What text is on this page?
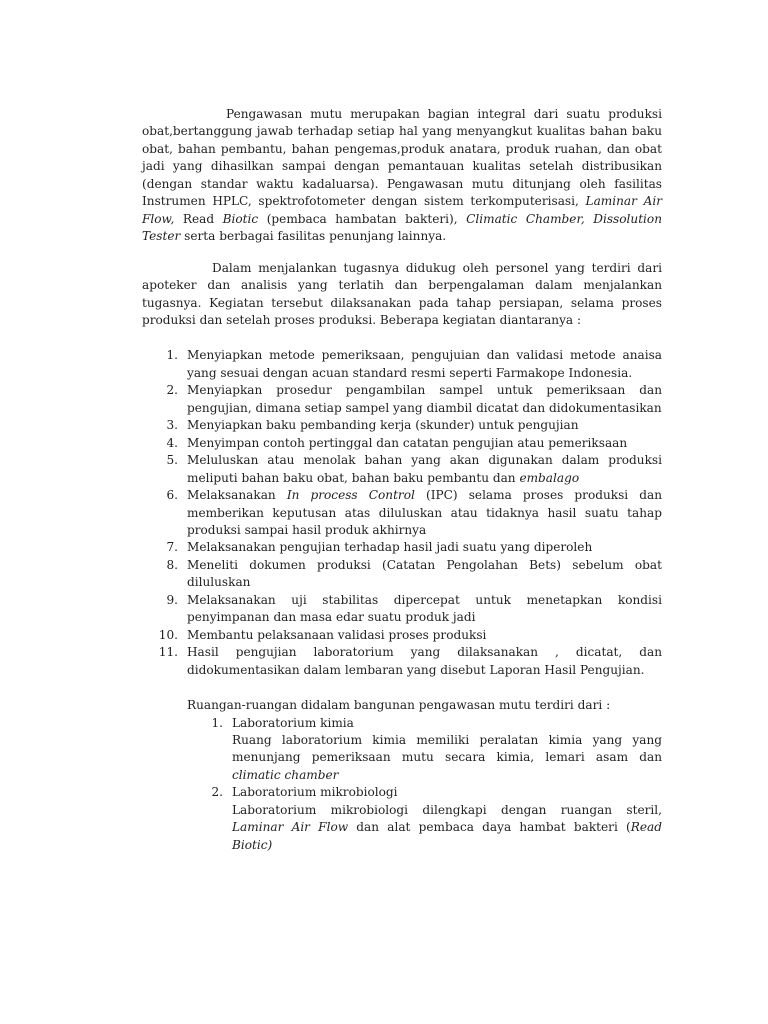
Pengawasan mutu merupakan bagian integral dari suatu produksi obat,bertanggung jawab terhadap setiap hal yang menyangkut kualitas bahan baku obat, bahan pembantu, bahan pengemas,produk anatara, produk ruahan, dan obat jadi yang dihasilkan sampai dengan pemantauan kualitas setelah distribusikan (dengan standar waktu kadaluarsa). Pengawasan mutu ditunjang oleh fasilitas Instrumen HPLC, spektrofotometer dengan sistem terkomputerisasi, Laminar Air Flow, Read Biotic (pembaca hambatan bakteri), Climatic Chamber, Dissolution Tester serta berbagai fasilitas penunjang lainnya.

Dalam menjalankan tugasnya didukug oleh personel yang terdiri dari apoteker dan analisis yang terlatih dan berpengalaman dalam menjalankan tugasnya. Kegiatan tersebut dilaksanakan pada tahap persiapan, selama proses produksi dan setelah proses produksi. Beberapa kegiatan diantaranya :

1. Menyiapkan metode pemeriksaan, pengujuian dan validasi metode anaisa yang sesuai dengan acuan standard resmi seperti Farmakope Indonesia.
2. Menyiapkan prosedur pengambilan sampel untuk pemeriksaan dan pengujian, dimana setiap sampel yang diambil dicatat dan didokumentasikan
3. Menyiapkan baku pembanding kerja (skunder) untuk pengujian
4. Menyimpan contoh pertinggal dan catatan pengujian atau pemeriksaan
5. Meluluskan atau menolak bahan yang akan digunakan dalam produksi meliputi bahan baku obat, bahan baku pembantu dan embalago
6. Melaksanakan In process Control (IPC) selama proses produksi dan memberikan keputusan atas diluluskan atau tidaknya hasil suatu tahap produksi sampai hasil produk akhirnya
7. Melaksanakan pengujian terhadap hasil jadi suatu yang diperoleh
8. Meneliti dokumen produksi (Catatan Pengolahan Bets) sebelum obat diluluskan
9. Melaksanakan uji stabilitas dipercepat untuk menetapkan kondisi penyimpanan dan masa edar suatu produk jadi
10. Membantu pelaksanaan validasi proses produksi
11. Hasil pengujian laboratorium yang dilaksanakan , dicatat, dan didokumentasikan dalam lembaran yang disebut Laporan Hasil Pengujian.

Ruangan-ruangan didalam bangunan pengawasan mutu terdiri dari :

1. Laboratorium kimia
Ruang laboratorium kimia memiliki peralatan kimia yang yang menunjang pemeriksaan mutu secara kimia, lemari asam dan climatic chamber
2. Laboratorium mikrobiologi
Laboratorium mikrobiologi dilengkapi dengan ruangan steril, Laminar Air Flow dan alat pembaca daya hambat bakteri (Read Biotic)
